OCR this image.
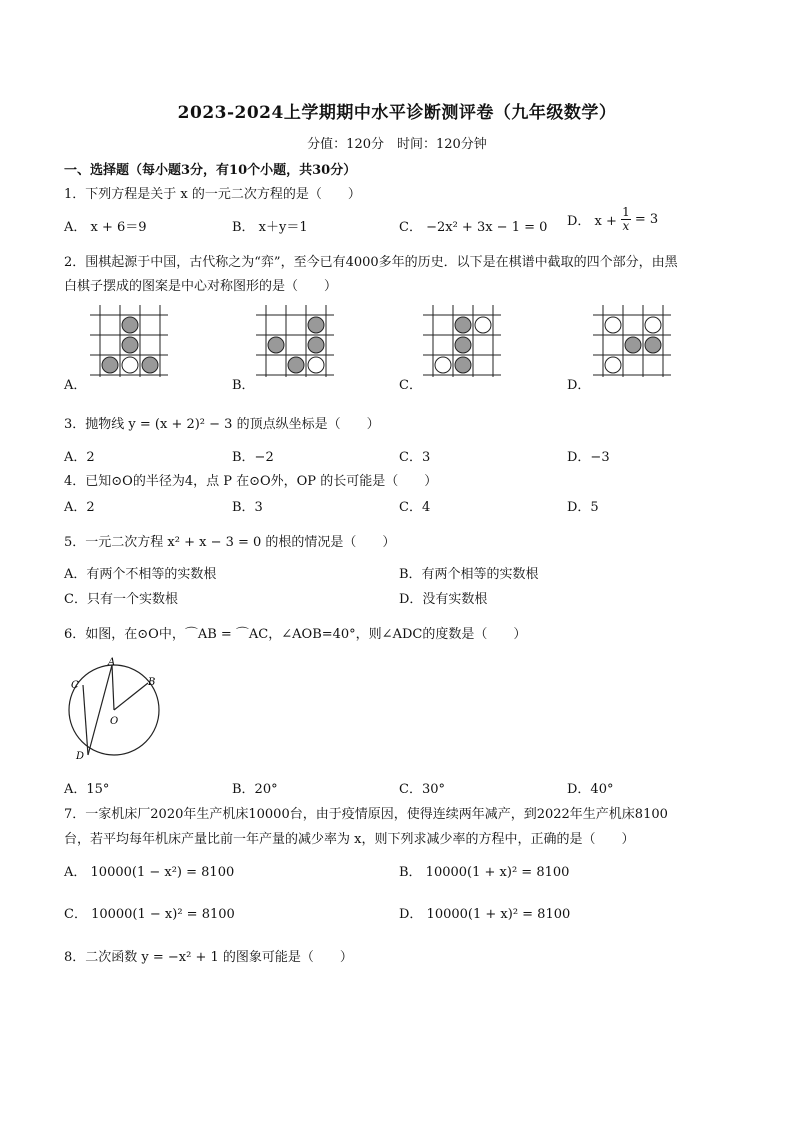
2023-2024上学期期中水平诊断测评卷（九年级数学）
分值：120分　时间：120分钟
一、选择题（每小题3分，有10个小题，共30分）
1．下列方程是关于 x 的一元二次方程的是（　　）
A． x + 6＝9	B． x＋y＝1	C． −2x² + 3x − 1 = 0 D． $x + \frac{1}{x} = 3$
2．围棋起源于中国，古代称之为“弈”，至今已有4000多年的历史．以下是在棋谱中截取的四个部分，由黑
白棋子摆成的图案是中心对称图形的是（　　）
A．	B．	C．	D．
3．抛物线 y = (x + 2)² − 3 的顶点纵坐标是（　　）
A．2	B．−2	C．3	D．−3
4．已知⊙O的半径为4，点 P 在⊙O外，OP 的长可能是（　　）
A．2	B．3	C．4	D．5
5．一元二次方程 x² + x − 3 = 0 的根的情况是（　　）
A．有两个不相等的实数根	B．有两个相等的实数根
C．只有一个实数根	D．没有实数根
6．如图，在⊙O中，⌒AB = ⌒AC，∠AOB=40°，则∠ADC的度数是（　　）
A
B
C
D
O
A．15°	B．20°	C．30°	D．40°
7．一家机床厂2020年生产机床10000台，由于疫情原因，使得连续两年减产，到2022年生产机床8100
台，若平均每年机床产量比前一年产量的减少率为 x，则下列求减少率的方程中，正确的是（　　）
A． 10000(1 − x²) = 8100	B． 10000(1 + x)² = 8100
C． 10000(1 − x)² = 8100	D． 10000(1 + x)² = 8100
8．二次函数 y = −x² + 1 的图象可能是（　　）
